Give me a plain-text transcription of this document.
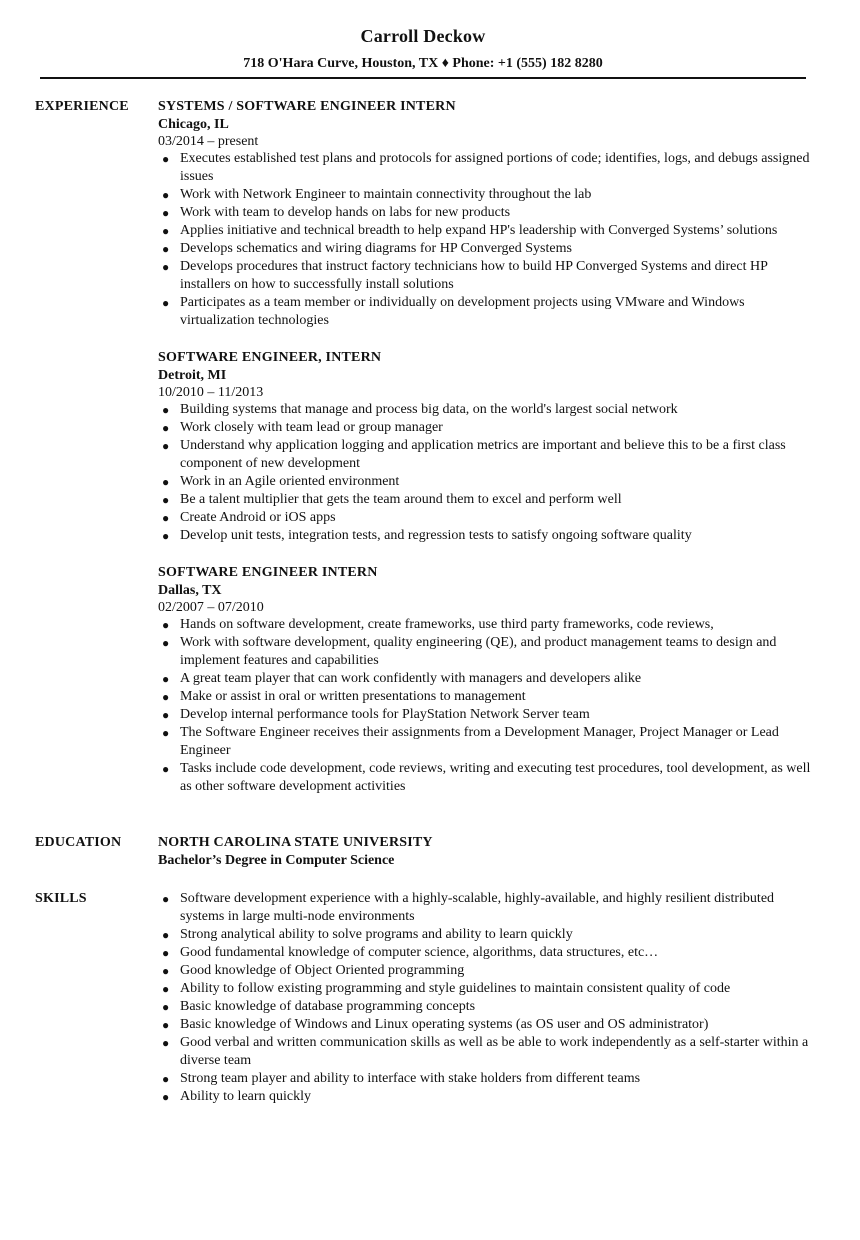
Carroll Deckow
718 O'Hara Curve, Houston, TX ♦ Phone: +1 (555) 182 8280
EXPERIENCE	SYSTEMS / SOFTWARE ENGINEER INTERN
Chicago, IL
03/2014 – present
● Executes established test plans and protocols for assigned portions of code; identifies, logs, and debugs assigned issues
● Work with Network Engineer to maintain connectivity throughout the lab
● Work with team to develop hands on labs for new products
● Applies initiative and technical breadth to help expand HP's leadership with Converged Systems’ solutions
● Develops schematics and wiring diagrams for HP Converged Systems
● Develops procedures that instruct factory technicians how to build HP Converged Systems and direct HP installers on how to successfully install solutions
● Participates as a team member or individually on development projects using VMware and Windows virtualization technologies
SOFTWARE ENGINEER, INTERN
Detroit, MI
10/2010 – 11/2013
● Building systems that manage and process big data, on the world's largest social network
● Work closely with team lead or group manager
● Understand why application logging and application metrics are important and believe this to be a first class component of new development
● Work in an Agile oriented environment
● Be a talent multiplier that gets the team around them to excel and perform well
● Create Android or iOS apps
● Develop unit tests, integration tests, and regression tests to satisfy ongoing software quality
SOFTWARE ENGINEER INTERN
Dallas, TX
02/2007 – 07/2010
● Hands on software development, create frameworks, use third party frameworks, code reviews,
● Work with software development, quality engineering (QE), and product management teams to design and implement features and capabilities
● A great team player that can work confidently with managers and developers alike
● Make or assist in oral or written presentations to management
● Develop internal performance tools for PlayStation Network Server team
● The Software Engineer receives their assignments from a Development Manager, Project Manager or Lead Engineer
● Tasks include code development, code reviews, writing and executing test procedures, tool development, as well as other software development activities
EDUCATION	NORTH CAROLINA STATE UNIVERSITY
Bachelor’s Degree in Computer Science
SKILLS	● Software development experience with a highly-scalable, highly-available, and highly resilient distributed systems in large multi-node environments
● Strong analytical ability to solve programs and ability to learn quickly
● Good fundamental knowledge of computer science, algorithms, data structures, etc…
● Good knowledge of Object Oriented programming
● Ability to follow existing programming and style guidelines to maintain consistent quality of code
● Basic knowledge of database programming concepts
● Basic knowledge of Windows and Linux operating systems (as OS user and OS administrator)
● Good verbal and written communication skills as well as be able to work independently as a self-starter within a diverse team
● Strong team player and ability to interface with stake holders from different teams
● Ability to learn quickly
